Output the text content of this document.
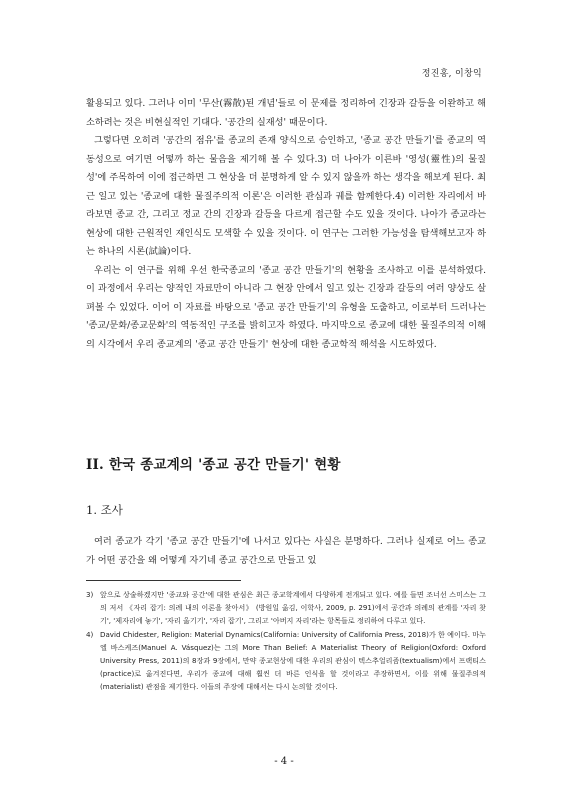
정진홍, 이창익

활용되고 있다. 그러나 이미 '무산(霧散)된 개념'들로 이 문제를 정리하여 긴장과 갈등을 이완하고 해소하려는 것은 비현실적인 기대다. '공간의 실재성' 때문이다.

그렇다면 오히려 '공간의 점유'를 종교의 존재 양식으로 승인하고, '종교 공간 만들기'를 종교의 역동성으로 여기면 어떻까 하는 물음을 제기해 볼 수 있다.3) 더 나아가 이른바 '영성(靈性)의 물질성'에 주목하여 이에 접근하면 그 현상을 더 분명하게 알 수 있지 않을까 하는 생각을 해보게 된다. 최근 일고 있는 '종교에 대한 물질주의적 이론'은 이러한 관심과 궤를 함께한다.4) 이러한 자리에서 바라보면 종교 간, 그리고 정교 간의 긴장과 갈등을 다르게 접근할 수도 있을 것이다. 나아가 종교라는 현상에 대한 근원적인 재인식도 모색할 수 있을 것이다. 이 연구는 그러한 가능성을 탐색해보고자 하는 하나의 시론(試論)이다.

우리는 이 연구를 위해 우선 한국종교의 '종교 공간 만들기'의 현황을 조사하고 이를 분석하였다. 이 과정에서 우리는 양적인 자료만이 아니라 그 현장 안에서 일고 있는 긴장과 갈등의 여러 양상도 살펴볼 수 있었다. 이어 이 자료를 바탕으로 '종교 공간 만들기'의 유형을 도출하고, 이로부터 드러나는 '종교/문화/종교문화'의 역동적인 구조를 밝히고자 하였다. 마지막으로 종교에 대한 물질주의적 이해의 시각에서 우리 종교계의 '종교 공간 만들기' 현상에 대한 종교학적 해석을 시도하였다.

II. 한국 종교계의 '종교 공간 만들기' 현황
1. 조사

여러 종교가 각기 '종교 공간 만들기'에 나서고 있다는 사실은 분명하다. 그러나 실제로 어느 종교가 어떤 공간을 왜 어떻게 자기네 종교 공간으로 만들고 있

3) 앞으로 상술하겠지만 '종교와 공간'에 대한 관심은 최근 종교학계에서 다양하게 전개되고 있다. 예를 들면 조너선 스미스는 그의 저서 《자리 잡기: 의례 내의 이론을 찾아서》 (방원일 옮김, 이학사, 2009, p. 291)에서 공간과 의례의 관계를 '자리 찾기', '제자리에 놓기', '자리 옮기기', '자리 잡기', 그리고 '아버지 자리'라는 항목들로 정리하여 다루고 있다.
4) David Chidester, Religion: Material Dynamics(California: University of California Press, 2018)가 한 예이다. 마누엘 바스케즈(Manuel A. Vásquez)는 그의 More Than Belief: A Materialist Theory of Religion(Oxford: Oxford University Press, 2011)의 8장과 9장에서, 만약 종교현상에 대한 우리의 관심이 텍스추얼리즘(textualism)에서 프랙티스(practice)로 옮겨진다면, 우리가 종교에 대해 훨씬 더 바른 인식을 할 것이라고 주장하면서, 이를 위해 물질주의적(materialist) 관점을 제기한다. 이들의 주장에 대해서는 다시 논의할 것이다.
- 4 -
